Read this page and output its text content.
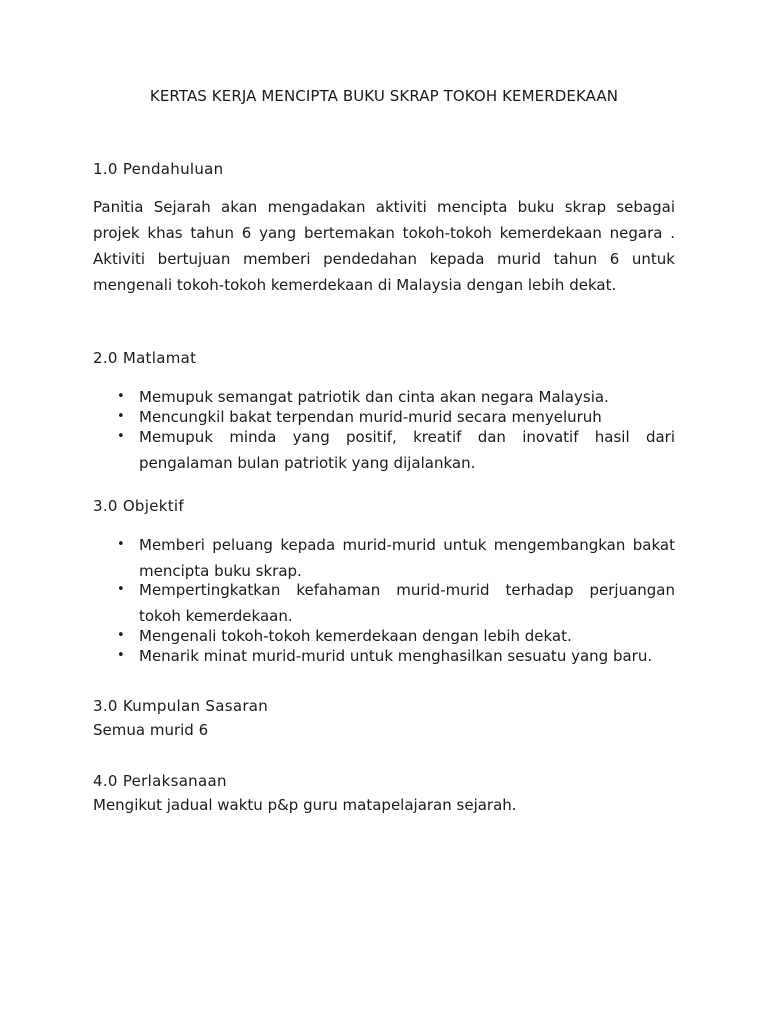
KERTAS KERJA MENCIPTA BUKU SKRAP TOKOH KEMERDEKAAN
1.0 Pendahuluan

Panitia Sejarah akan mengadakan aktiviti mencipta buku skrap sebagai projek khas tahun 6 yang bertemakan tokoh-tokoh kemerdekaan negara . Aktiviti bertujuan memberi pendedahan kepada murid tahun 6 untuk mengenali tokoh-tokoh kemerdekaan di Malaysia dengan lebih dekat.

2.0 Matlamat
• Memupuk semangat patriotik dan cinta akan negara Malaysia.
• Mencungkil bakat terpendan murid-murid secara menyeluruh
• Memupuk minda yang positif, kreatif dan inovatif hasil dari pengalaman bulan patriotik yang dijalankan.
3.0 Objektif
• Memberi peluang kepada murid-murid untuk mengembangkan bakat mencipta buku skrap.
• Mempertingkatkan kefahaman murid-murid terhadap perjuangan tokoh kemerdekaan.
• Mengenali tokoh-tokoh kemerdekaan dengan lebih dekat.
• Menarik minat murid-murid untuk menghasilkan sesuatu yang baru.
3.0 Kumpulan Sasaran
Semua murid 6
4.0 Perlaksanaan
Mengikut jadual waktu p&p guru matapelajaran sejarah.
